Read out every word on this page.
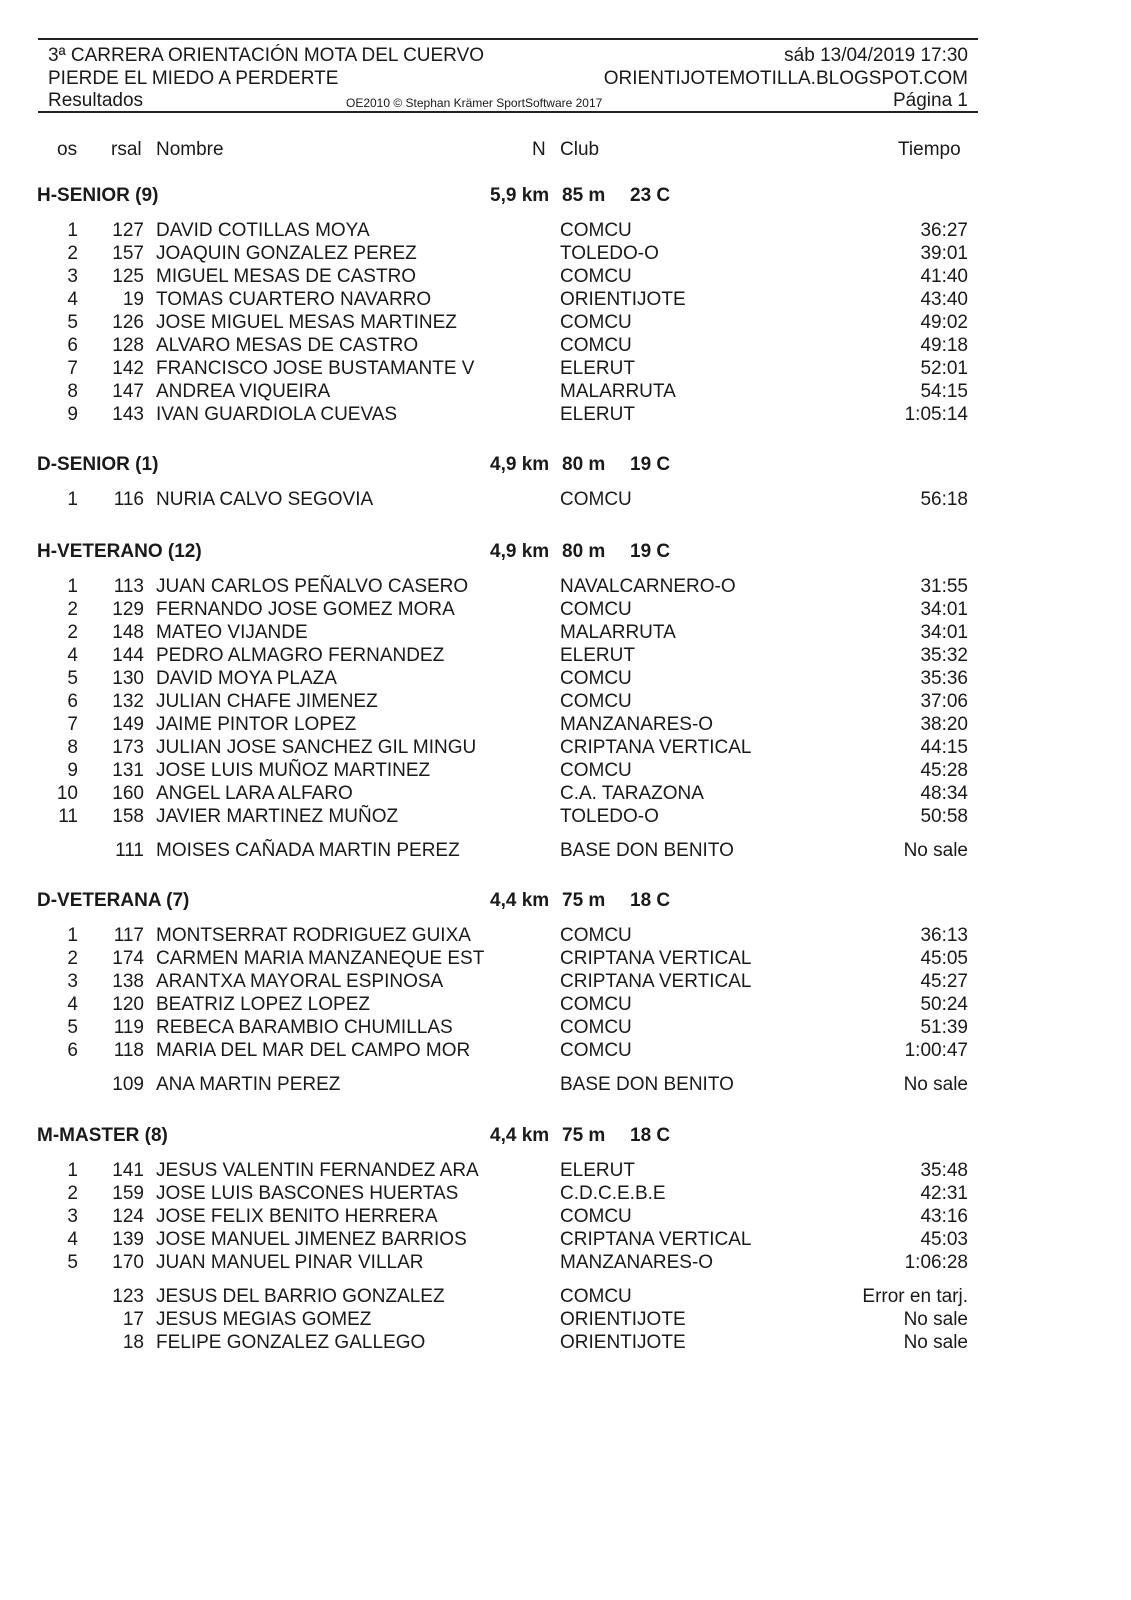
3ª CARRERA ORIENTACIÓN MOTA DEL CUERVO	sáb 13/04/2019 17:30
PIERDE EL MIEDO A PERDERTE	ORIENTIJOTEMOTILLA.BLOGSPOT.COM
Resultados	OE2010 © Stephan Krämer SportSoftware 2017	Página 1
os rsal Nombre	N Club	Tiempo
H-SENIOR (9)	5,9 km 85 m 23 C
1	127 DAVID COTILLAS MOYA	COMCU	36:27
2	157 JOAQUIN GONZALEZ PEREZ	TOLEDO-O	39:01
3	125 MIGUEL MESAS DE CASTRO	COMCU	41:40
4	19 TOMAS CUARTERO NAVARRO	ORIENTIJOTE	43:40
5	126 JOSE MIGUEL MESAS MARTINEZ	COMCU	49:02
6	128 ALVARO MESAS DE CASTRO	COMCU	49:18
7	142 FRANCISCO JOSE BUSTAMANTE V	ELERUT	52:01
8	147 ANDREA VIQUEIRA	MALARRUTA	54:15
9	143 IVAN GUARDIOLA CUEVAS	ELERUT	1:05:14
D-SENIOR (1)	4,9 km 80 m 19 C
1	116 NURIA CALVO SEGOVIA	COMCU	56:18
H-VETERANO (12)	4,9 km 80 m 19 C
1	113 JUAN CARLOS PEÑALVO CASERO	NAVALCARNERO-O	31:55
2	129 FERNANDO JOSE GOMEZ MORA	COMCU	34:01
2	148 MATEO VIJANDE	MALARRUTA	34:01
4	144 PEDRO ALMAGRO FERNANDEZ	ELERUT	35:32
5	130 DAVID MOYA PLAZA	COMCU	35:36
6	132 JULIAN CHAFE JIMENEZ	COMCU	37:06
7	149 JAIME PINTOR LOPEZ	MANZANARES-O	38:20
8	173 JULIAN JOSE SANCHEZ GIL MINGU	CRIPTANA VERTICAL	44:15
9	131 JOSE LUIS MUÑOZ MARTINEZ	COMCU	45:28
10	160 ANGEL LARA ALFARO	C.A. TARAZONA	48:34
11	158 JAVIER MARTINEZ MUÑOZ	TOLEDO-O	50:58
111 MOISES CAÑADA MARTIN PEREZ	BASE DON BENITO	No sale
D-VETERANA (7)	4,4 km 75 m 18 C
1	117 MONTSERRAT RODRIGUEZ GUIXA	COMCU	36:13
2	174 CARMEN MARIA MANZANEQUE EST	CRIPTANA VERTICAL	45:05
3	138 ARANTXA MAYORAL ESPINOSA	CRIPTANA VERTICAL	45:27
4	120 BEATRIZ LOPEZ LOPEZ	COMCU	50:24
5	119 REBECA BARAMBIO CHUMILLAS	COMCU	51:39
6	118 MARIA DEL MAR DEL CAMPO MOR	COMCU	1:00:47
109 ANA MARTIN PEREZ	BASE DON BENITO	No sale
M-MASTER (8)	4,4 km 75 m 18 C
1	141 JESUS VALENTIN FERNANDEZ ARA	ELERUT	35:48
2	159 JOSE LUIS BASCONES HUERTAS	C.D.C.E.B.E	42:31
3	124 JOSE FELIX BENITO HERRERA	COMCU	43:16
4	139 JOSE MANUEL JIMENEZ BARRIOS	CRIPTANA VERTICAL	45:03
5	170 JUAN MANUEL PINAR VILLAR	MANZANARES-O	1:06:28
123 JESUS DEL BARRIO GONZALEZ	COMCU	Error en tarj.
17 JESUS MEGIAS GOMEZ	ORIENTIJOTE	No sale
18 FELIPE GONZALEZ GALLEGO	ORIENTIJOTE	No sale
